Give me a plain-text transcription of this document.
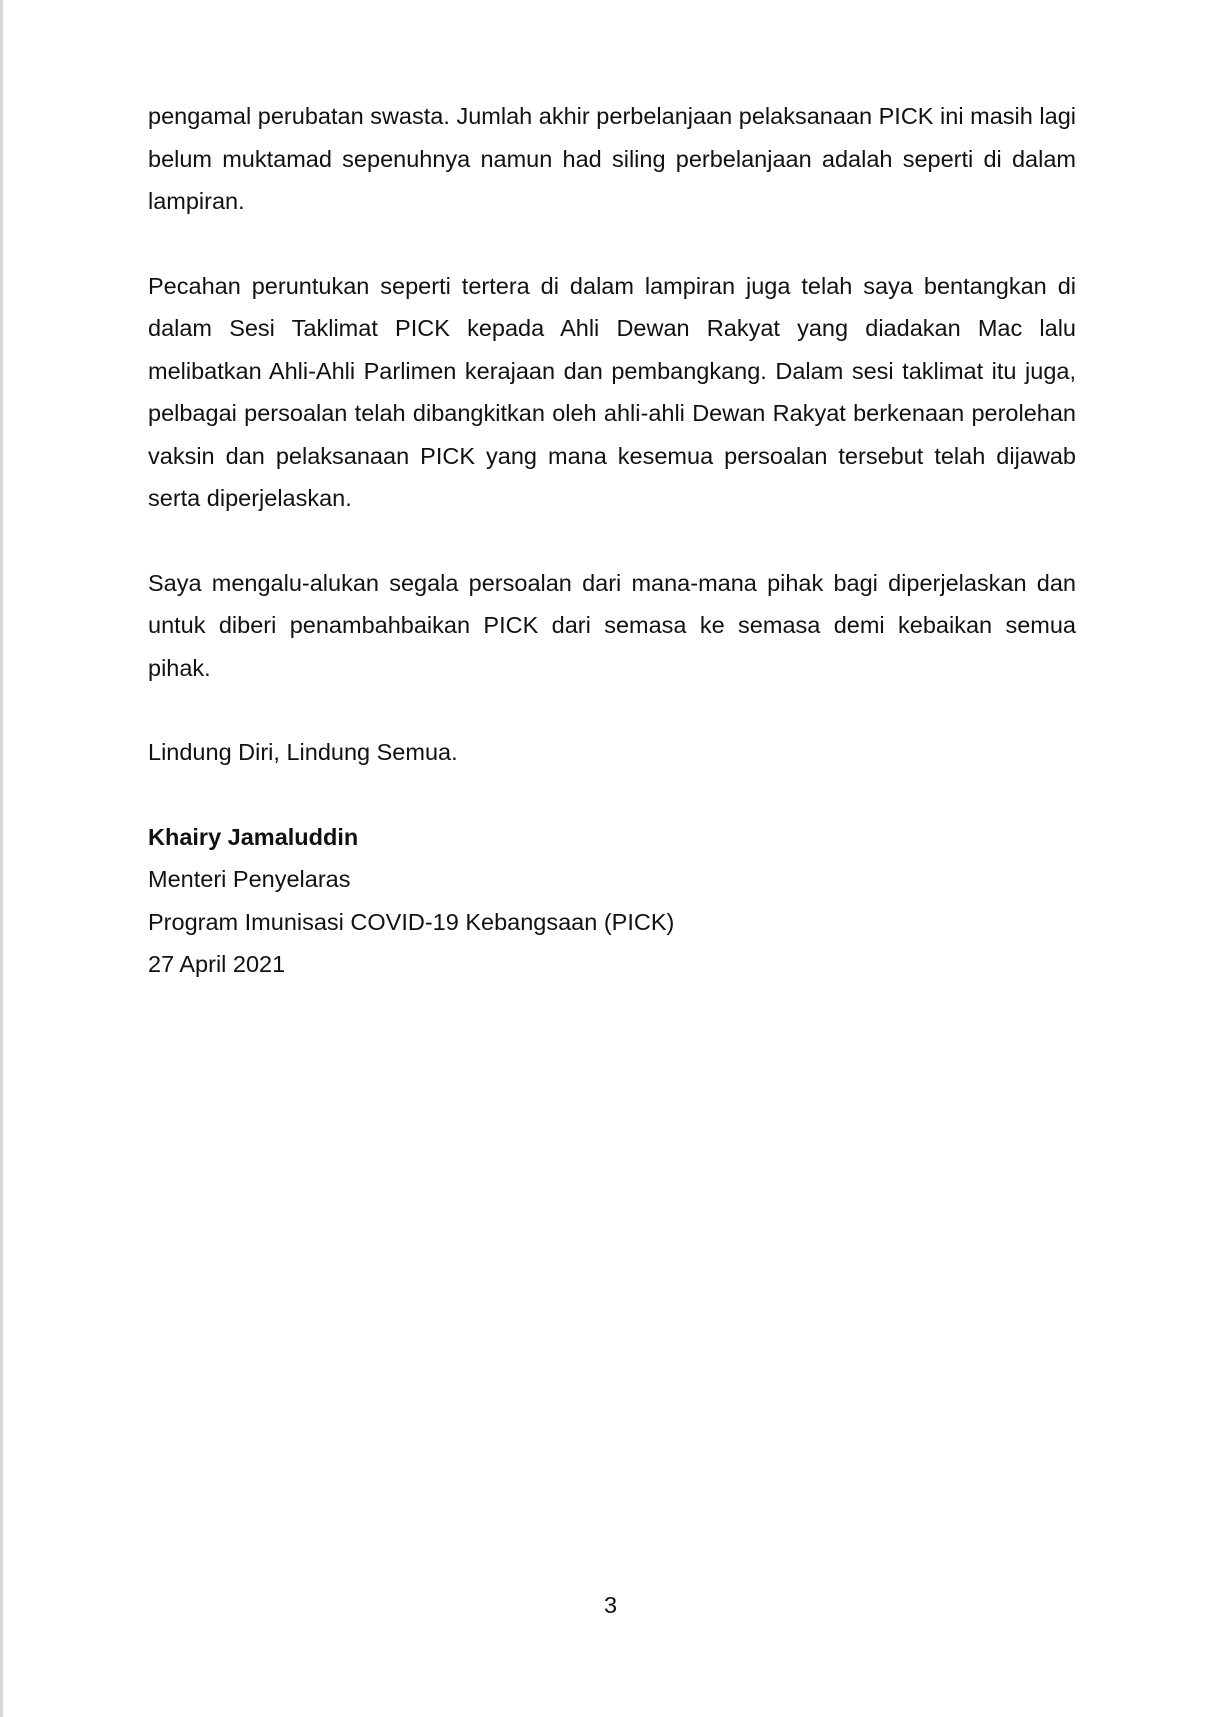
pengamal perubatan swasta. Jumlah akhir perbelanjaan pelaksanaan PICK ini masih lagi belum muktamad sepenuhnya namun had siling perbelanjaan adalah seperti di dalam lampiran.

Pecahan peruntukan seperti tertera di dalam lampiran juga telah saya bentangkan di dalam Sesi Taklimat PICK kepada Ahli Dewan Rakyat yang diadakan Mac lalu melibatkan Ahli-Ahli Parlimen kerajaan dan pembangkang. Dalam sesi taklimat itu juga, pelbagai persoalan telah dibangkitkan oleh ahli-ahli Dewan Rakyat berkenaan perolehan vaksin dan pelaksanaan PICK yang mana kesemua persoalan tersebut telah dijawab serta diperjelaskan.

Saya mengalu-alukan segala persoalan dari mana-mana pihak bagi diperjelaskan dan untuk diberi penambahbaikan PICK dari semasa ke semasa demi kebaikan semua pihak.

Lindung Diri, Lindung Semua.

Khairy Jamaluddin

Menteri Penyelaras

Program Imunisasi COVID-19 Kebangsaan (PICK)

27 April 2021

3
